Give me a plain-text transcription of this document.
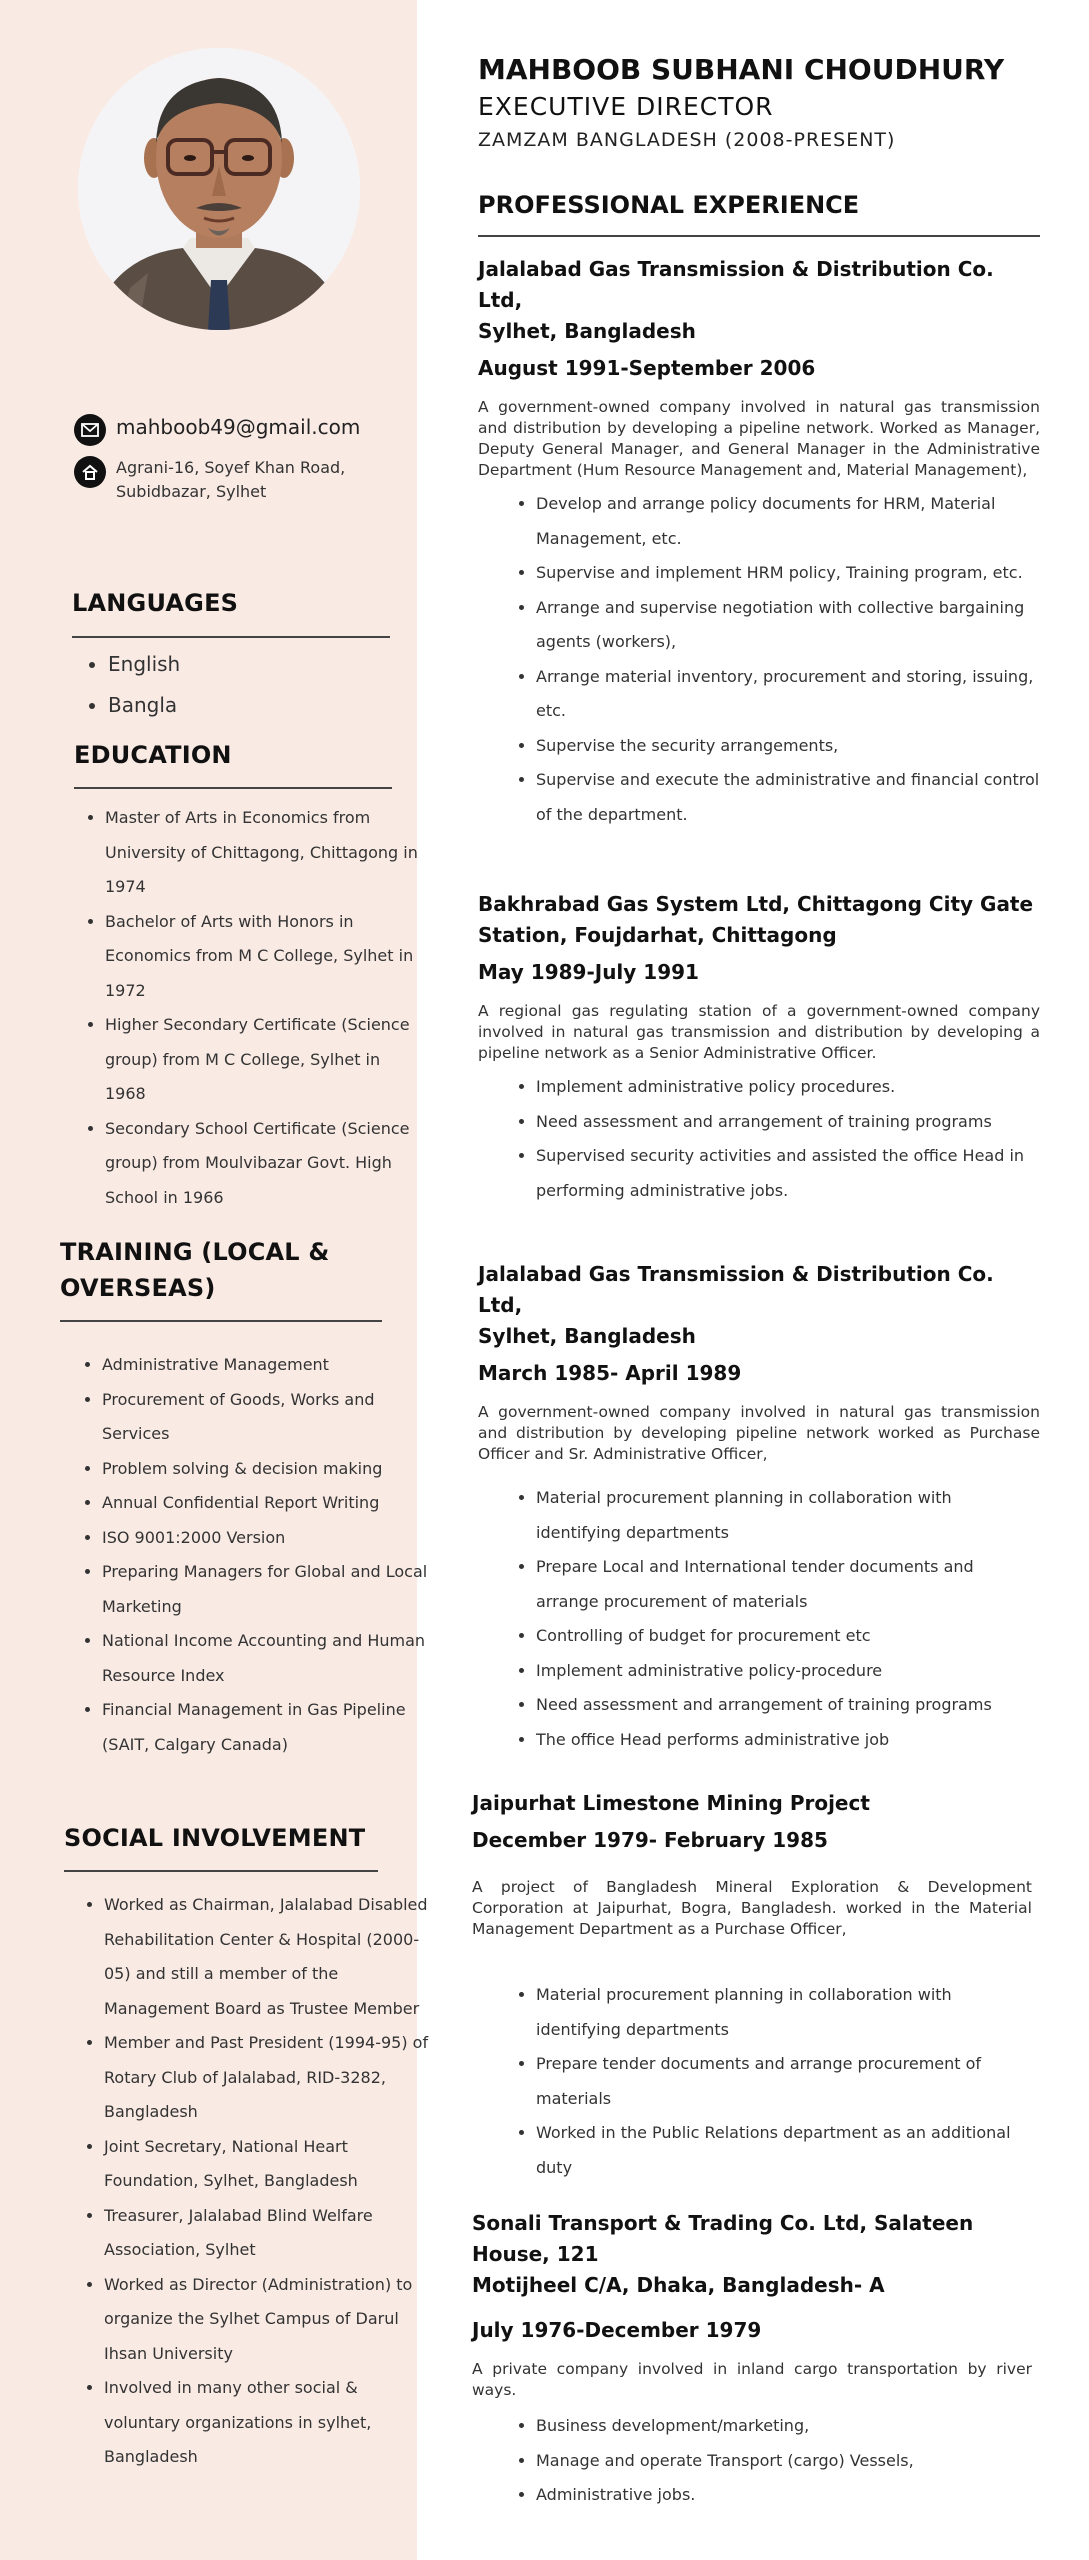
mahboob49@gmail.com
Agrani-16, Soyef Khan Road,
Subidbazar, Sylhet
LANGUAGES
• English
• Bangla
EDUCATION
• Master of Arts in Economics from University of Chittagong, Chittagong in 1974
• Bachelor of Arts with Honors in Economics from M C College, Sylhet in 1972
• Higher Secondary Certificate (Science group) from M C College, Sylhet in 1968
• Secondary School Certificate (Science group) from Moulvibazar Govt. High School in 1966
TRAINING (LOCAL &
OVERSEAS)
• Administrative Management
• Procurement of Goods, Works and Services
• Problem solving & decision making
• Annual Confidential Report Writing
• ISO 9001:2000 Version
• Preparing Managers for Global and Local Marketing
• National Income Accounting and Human Resource Index
• Financial Management in Gas Pipeline (SAIT, Calgary Canada)
SOCIAL INVOLVEMENT
• Worked as Chairman, Jalalabad Disabled Rehabilitation Center & Hospital (2000-05) and still a member of the Management Board as Trustee Member
• Member and Past President (1994-95) of Rotary Club of Jalalabad, RID-3282, Bangladesh
• Joint Secretary, National Heart Foundation, Sylhet, Bangladesh
• Treasurer, Jalalabad Blind Welfare Association, Sylhet
• Worked as Director (Administration) to organize the Sylhet Campus of Darul Ihsan University
• Involved in many other social & voluntary organizations in sylhet, Bangladesh
MAHBOOB SUBHANI CHOUDHURY
EXECUTIVE DIRECTOR
ZAMZAM BANGLADESH (2008-PRESENT)
PROFESSIONAL EXPERIENCE
Jalalabad Gas Transmission & Distribution Co. Ltd,
Sylhet, Bangladesh
August 1991-September 2006

A government-owned company involved in natural gas transmission and distribution by developing a pipeline network. Worked as Manager, Deputy General Manager, and General Manager in the Administrative Department (Hum Resource Management and, Material Management),

• Develop and arrange policy documents for HRM, Material Management, etc.
• Supervise and implement HRM policy, Training program, etc.
• Arrange and supervise negotiation with collective bargaining agents (workers),
• Arrange material inventory, procurement and storing, issuing, etc.
• Supervise the security arrangements,
• Supervise and execute the administrative and financial control of the department.
Bakhrabad Gas System Ltd, Chittagong City Gate
Station, Foujdarhat, Chittagong
May 1989-July 1991

A regional gas regulating station of a government-owned company involved in natural gas transmission and distribution by developing a pipeline network as a Senior Administrative Officer.

• Implement administrative policy procedures.
• Need assessment and arrangement of training programs
• Supervised security activities and assisted the office Head in performing administrative jobs.
Jalalabad Gas Transmission & Distribution Co. Ltd,
Sylhet, Bangladesh
March 1985- April 1989

A government-owned company involved in natural gas transmission and distribution by developing pipeline network worked as Purchase Officer and Sr. Administrative Officer,

• Material procurement planning in collaboration with identifying departments
• Prepare Local and International tender documents and arrange procurement of materials
• Controlling of budget for procurement etc
• Implement administrative policy-procedure
• Need assessment and arrangement of training programs
• The office Head performs administrative job
Jaipurhat Limestone Mining Project
December 1979- February 1985

A project of Bangladesh Mineral Exploration & Development Corporation at Jaipurhat, Bogra, Bangladesh. worked in the Material Management Department as a Purchase Officer,

• Material procurement planning in collaboration with identifying departments
• Prepare tender documents and arrange procurement of materials
• Worked in the Public Relations department as an additional duty
Sonali Transport & Trading Co. Ltd, Salateen House, 121
Motijheel C/A, Dhaka, Bangladesh- A
July 1976-December 1979

A private company involved in inland cargo transportation by river ways.

• Business development/marketing,
• Manage and operate Transport (cargo) Vessels,
• Administrative jobs.
